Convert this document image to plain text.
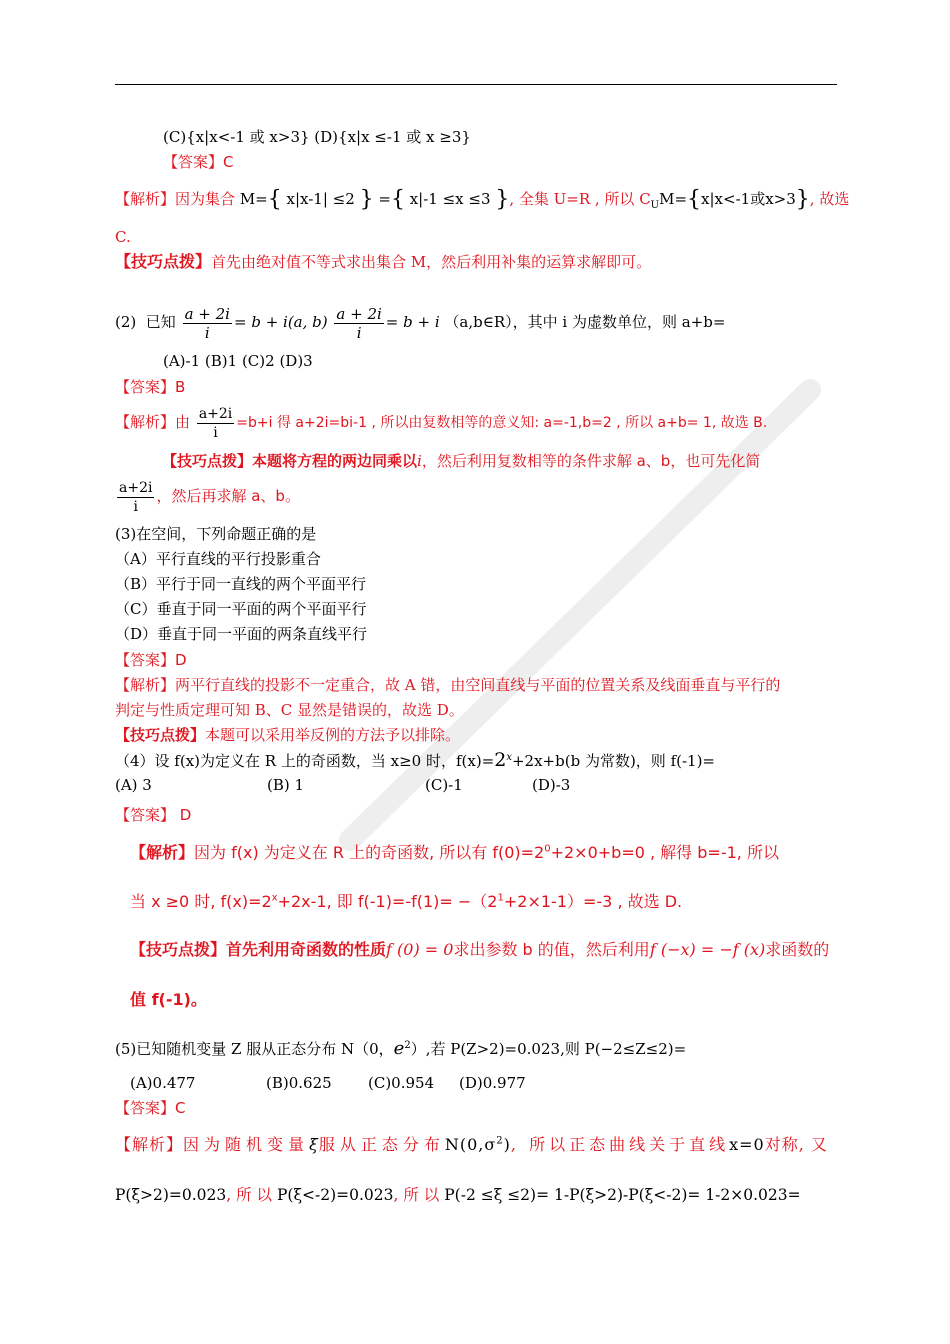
(C){x|x<-1 或 x>3} (D){x|x ≤-1 或 x ≥3}
【答案】C
【解析】因为集合 M={ x|x-1| ≤2 } ={ x|-1 ≤x ≤3 }, 全集 U=R , 所以 $C_UM=\{x|x<-1$或x>3}, 故选
C.
【技巧点拨】首先由绝对值不等式求出集合 M，然后利用补集的运算求解即可。
(2) 已知 $\frac{a + 2i}{i} = b + i(a$, $b) \frac{a + 2i}{i} = b + i$ （a,b∈R），其中 i 为虚数单位，则 a+b=
(A)-1 (B)1 (C)2 (D)3
【答案】B
【解析】由 $\frac{a+2i}{i} =b+i$ 得 a+2i=bi-1 , 所以由复数相等的意义知: a=-1,b=2 , 所以 a+b= 1, 故选 B.
【技巧点拨】本题将方程的两边同乘以i，然后利用复数相等的条件求解 a、b，也可先化简
$\frac{a+2i}{i}$ ，然后再求解 a、b。
(3)在空间，下列命题正确的是
（A）平行直线的平行投影重合
（B）平行于同一直线的两个平面平行
（C）垂直于同一平面的两个平面平行
（D）垂直于同一平面的两条直线平行
【答案】D
【解析】两平行直线的投影不一定重合，故 A 错，由空间直线与平面的位置关系及线面垂直与平行的
判定与性质定理可知 B、C 显然是错误的，故选 D。
【技巧点拨】本题可以采用举反例的方法予以排除。
（4）设 f(x)为定义在 R 上的奇函数，当 x≥0 时，$f(x)=2^x+2x+b(b$ 为常数)，则 f(-1)=
(A) 3	(B) 1	(C)-1	(D)-3
【答案】 D
【解析】因为 f(x) 为定义在 R 上的奇函数, 所以有 $f(0)=2^0+2\times 0+b=0$ , 解得 b=-1, 所以
当 x ≥0 时, $f(x)=2^x+2x-1$, 即 $f(-1)=-f(1)= -(2^1+2\times 1-1)=-3$ , 故选 D.
【技巧点拨】首先利用奇函数的性质f (0) = 0求出参数 b 的值，然后利用f (−x) = −f (x)求函数的
值 f(-1)。
(5)已知随机变量 Z 服从正态分布 N（0，$e^2$）,若 P(Z>2)=0.023,则 P(−2≤Z≤2)=
(A)0.477	(B)0.625 (C)0.954 (D)0.977
【答案】C
【解析】因为随机变量ξ服从正态分布$N(0,\sigma^2)$, 所以正态曲线关于直线x=0对称, 又
P(ξ>2)=0.023, 所 以 P(ξ<-2)=0.023, 所 以 P(-2 ≤ξ ≤2)= 1-P(ξ>2)-P(ξ<-2)= 1-2×0.023=
